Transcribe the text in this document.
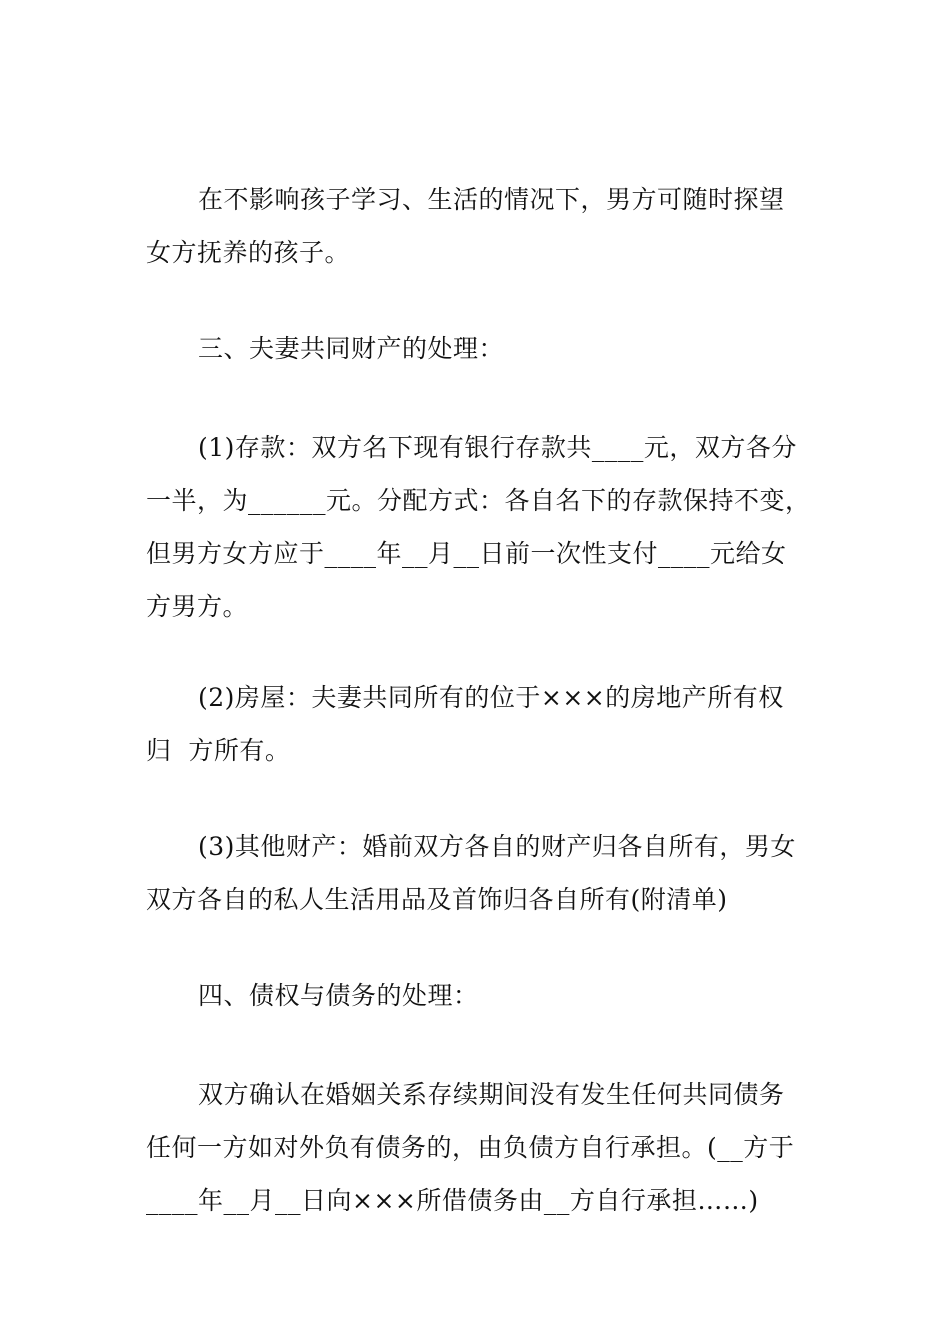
在不影响孩子学习、生活的情况下，男方可随时探望
女方抚养的孩子。

三、夫妻共同财产的处理：

(1)存款：双方名下现有银行存款共____元，双方各分
一半，为______元。分配方式：各自名下的存款保持不变，
但男方女方应于____年__月__日前一次性支付____元给女
方男方。

(2)房屋：夫妻共同所有的位于×××的房地产所有权
归  方所有。

(3)其他财产：婚前双方各自的财产归各自所有，男女
双方各自的私人生活用品及首饰归各自所有(附清单)

四、债权与债务的处理：

双方确认在婚姻关系存续期间没有发生任何共同债务
任何一方如对外负有债务的，由负债方自行承担。(__方于
____年__月__日向×××所借债务由__方自行承担……)
